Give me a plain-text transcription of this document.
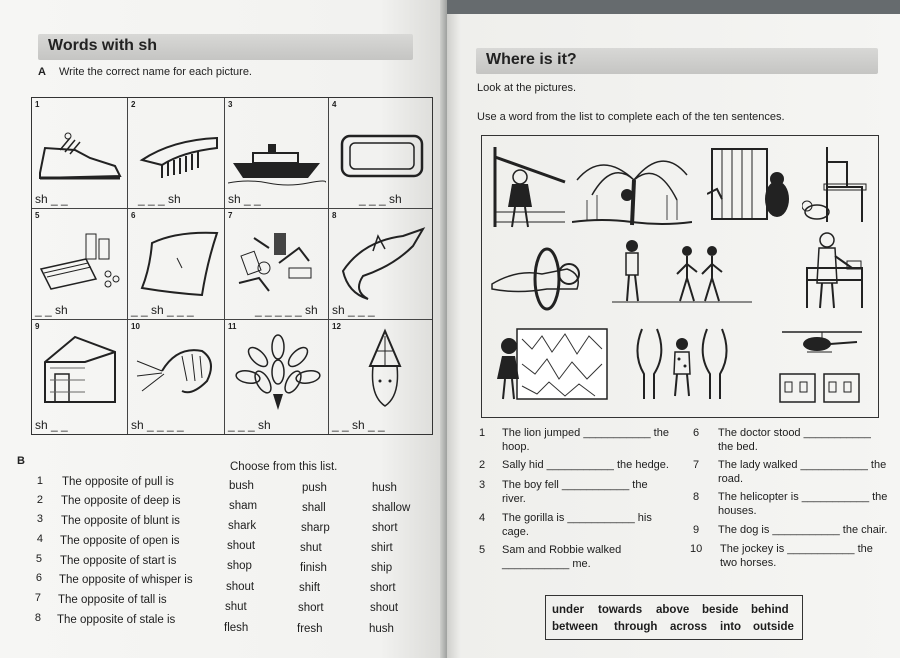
Words with sh
A Write the correct name for each picture.
1
sh _ _
2
_ _ _ sh
3
sh _ _
4
_ _ _ sh
5
_ _ sh
6
_ _ sh _ _ _
7
_ _ _ _ _ sh
8
sh _ _ _
9
sh _ _
10
sh _ _ _ _
11
_ _ _ sh
12
_ _ sh _ _
B	Choose from this list.
1 The opposite of pull is
2 The opposite of deep is
3 The opposite of blunt is
4 The opposite of open is
5 The opposite of start is
6 The opposite of whisper is
7 The opposite of tall is
8 The opposite of stale is
bush	push	hush
sham	shall	shallow
shark	sharp	short
shout	shut	shirt
shop	finish	ship
shout	shift	short
shut	short	shout
flesh	fresh	hush
Where is it?
Look at the pictures.
Use a word from the list to complete each of the ten sentences.
1 The lion jumped ___________ the
hoop.
2 Sally hid ___________ the hedge.
3 The boy fell ___________ the
river.
4 The gorilla is ___________ his
cage.
5 Sam and Robbie walked
___________ me.
6 The doctor stood ___________
the bed.
7 The lady walked ___________ the
road.
8 The helicopter is ___________ the
houses.
9 The dog is ___________ the chair.
10 The jockey is ___________ the
two horses.
under towards above beside behind
between through across into outside
